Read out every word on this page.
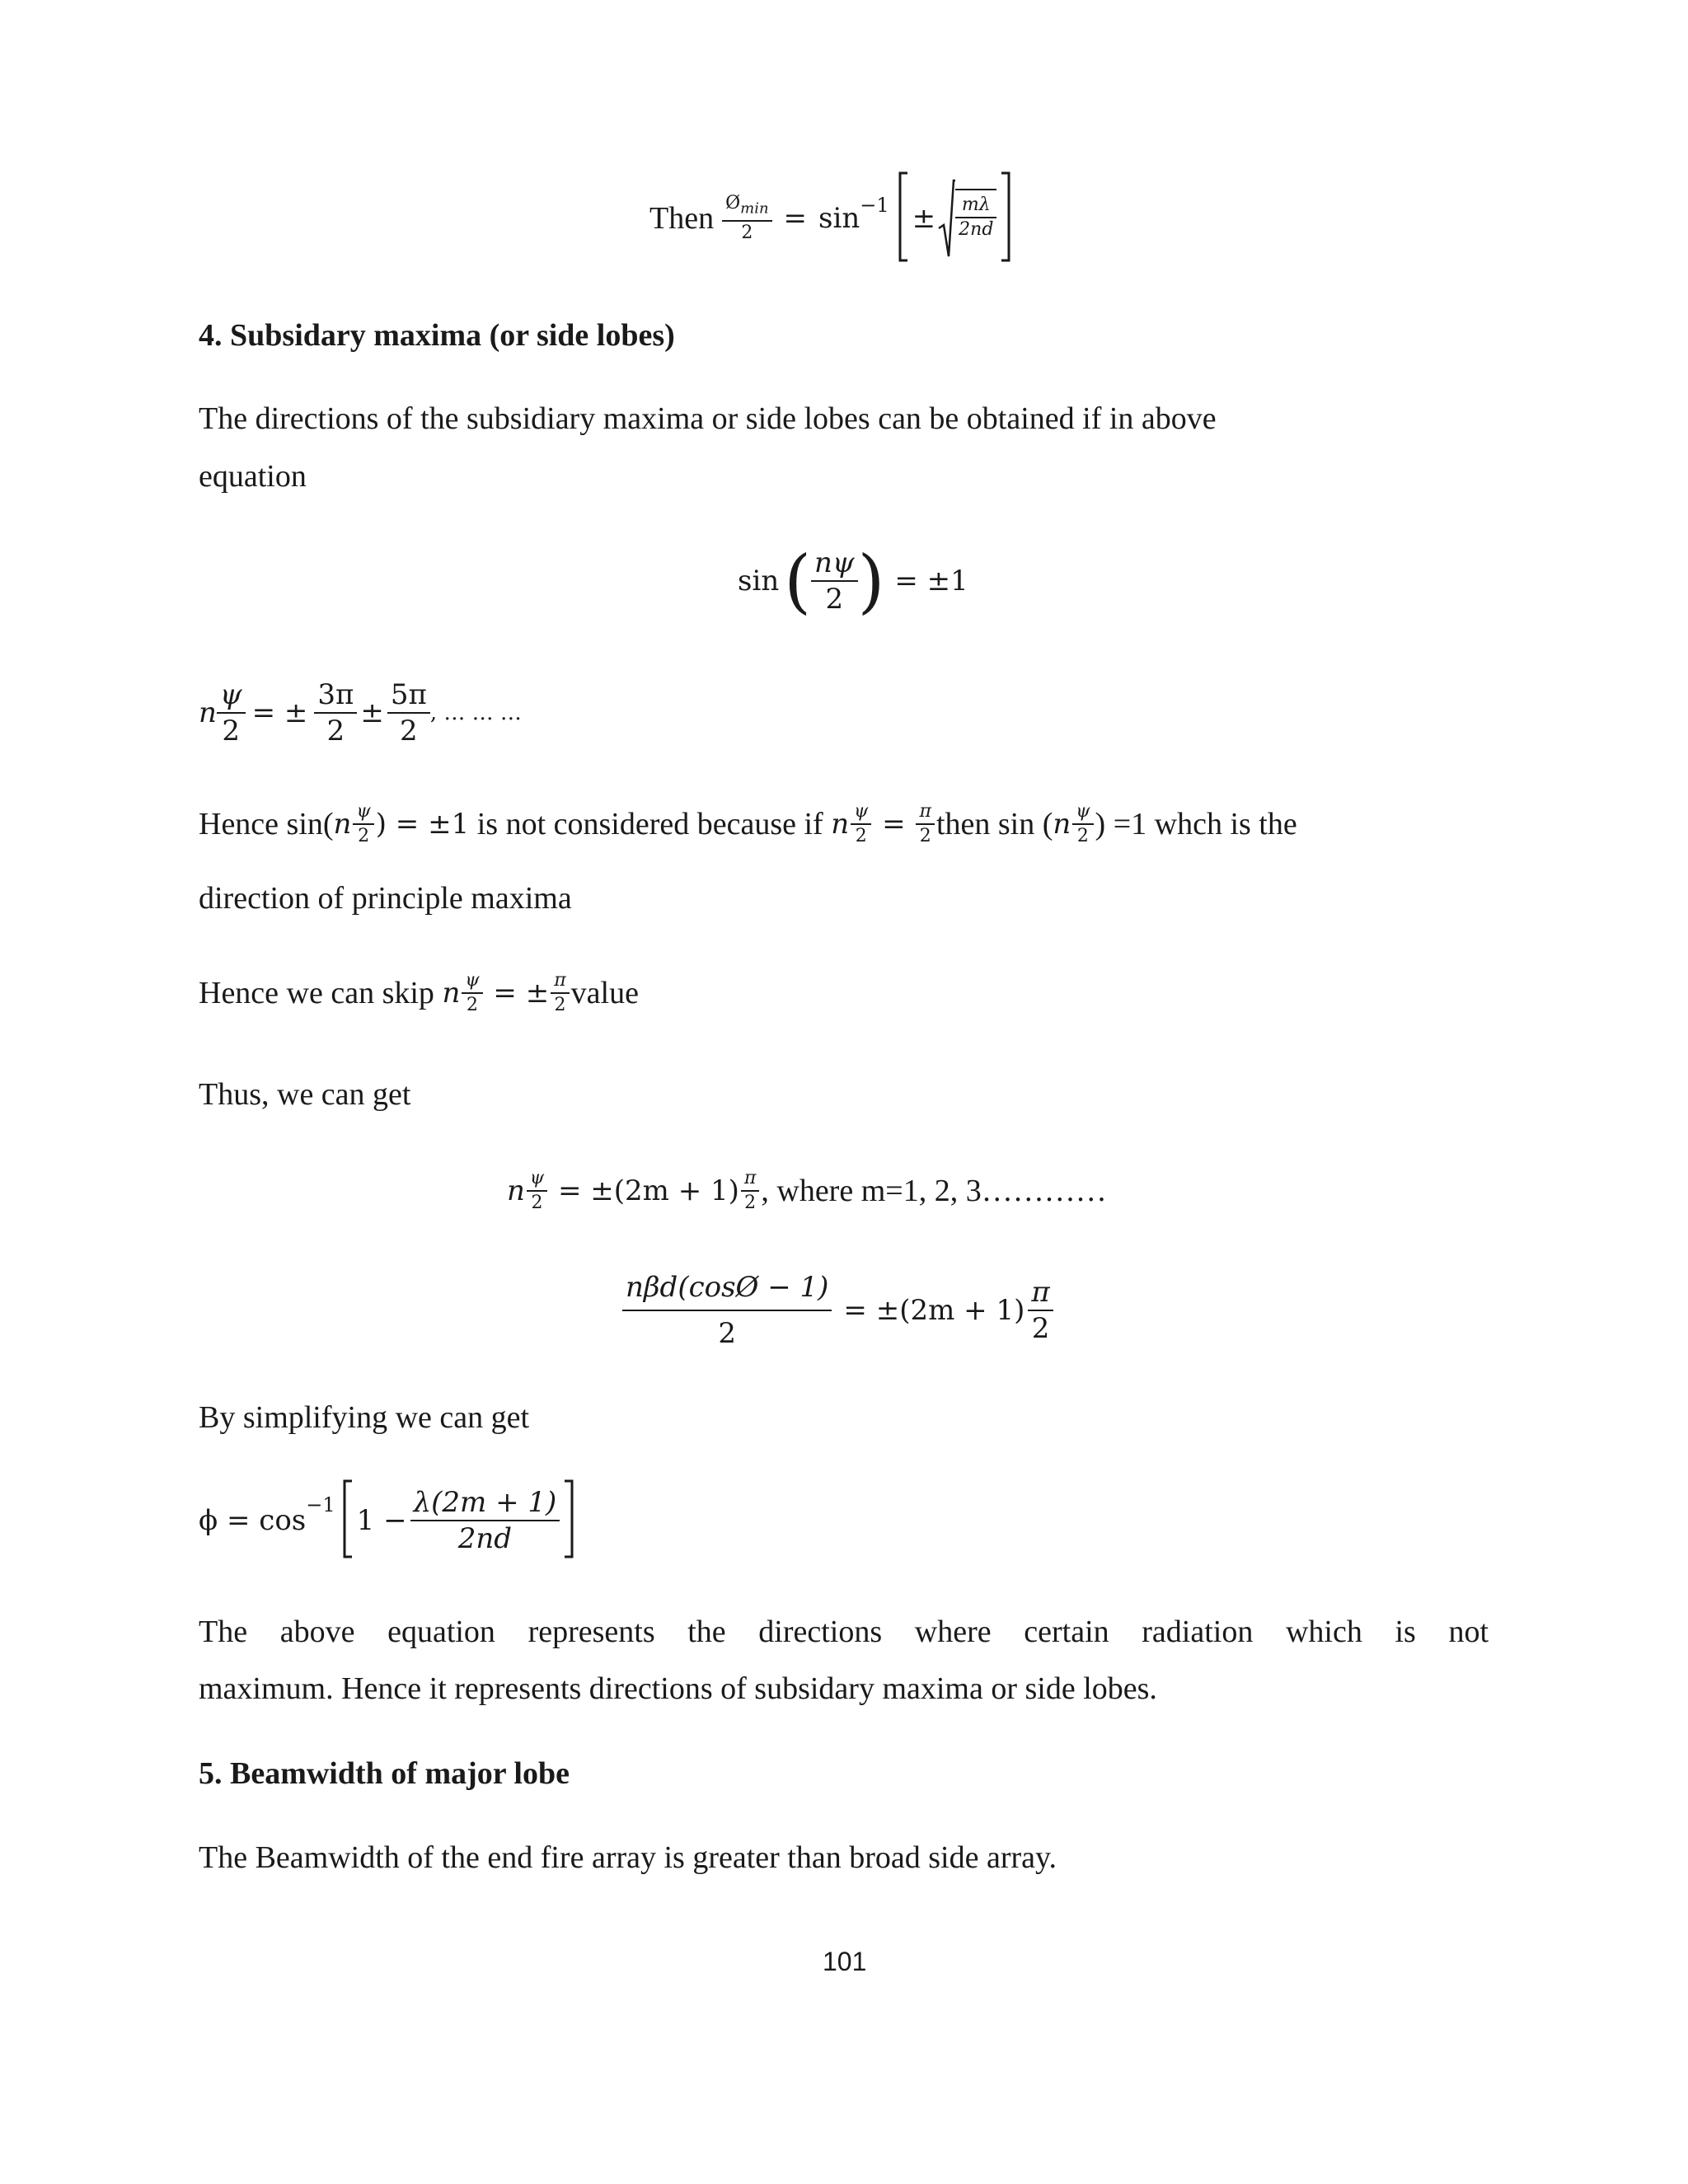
Then $\frac{Ø_{min}}{2} = \sin -1 \pm \frac{m\lambda}{2nd}$
4. Subsidary maxima (or side lobes)
The directions of the subsidiary maxima or side lobes can be obtained if in above
equation
sin ( $\frac{n\psi}{2}$ ) = ±1
n $\frac{\psi}{2}$ = ± $\frac{3\pi}{2} \pm \frac{5\pi}{2}$ , … … …
Hence sin( n $\frac{\psi}{2}$ ) = ±1 is not considered because if n $\frac{\psi}{2} = \frac{\pi}{2}$ then sin ( n $\frac{\psi}{2}$ ) =1 whch is the
direction of principle maxima
Hence we can skip n $\frac{\psi}{2}$ = ± $\frac{\pi}{2}$ value
Thus, we can get
n $\frac{\psi}{2} = \pm(2m + 1) \frac{\pi}{2}$ , where m=1, 2, 3…………
$\frac{\text{nβd(cosØ − 1)}}{2} = \pm(2m + 1) \frac{\pi}{2}$
By simplifying we can get
ϕ = cos −1 $1 - \frac{\lambda(2m + 1)}{2nd}$
The above equation represents the directions where certain radiation which is not
maximum. Hence it represents directions of subsidary maxima or side lobes.
5. Beamwidth of major lobe
The Beamwidth of the end fire array is greater than broad side array.
101
